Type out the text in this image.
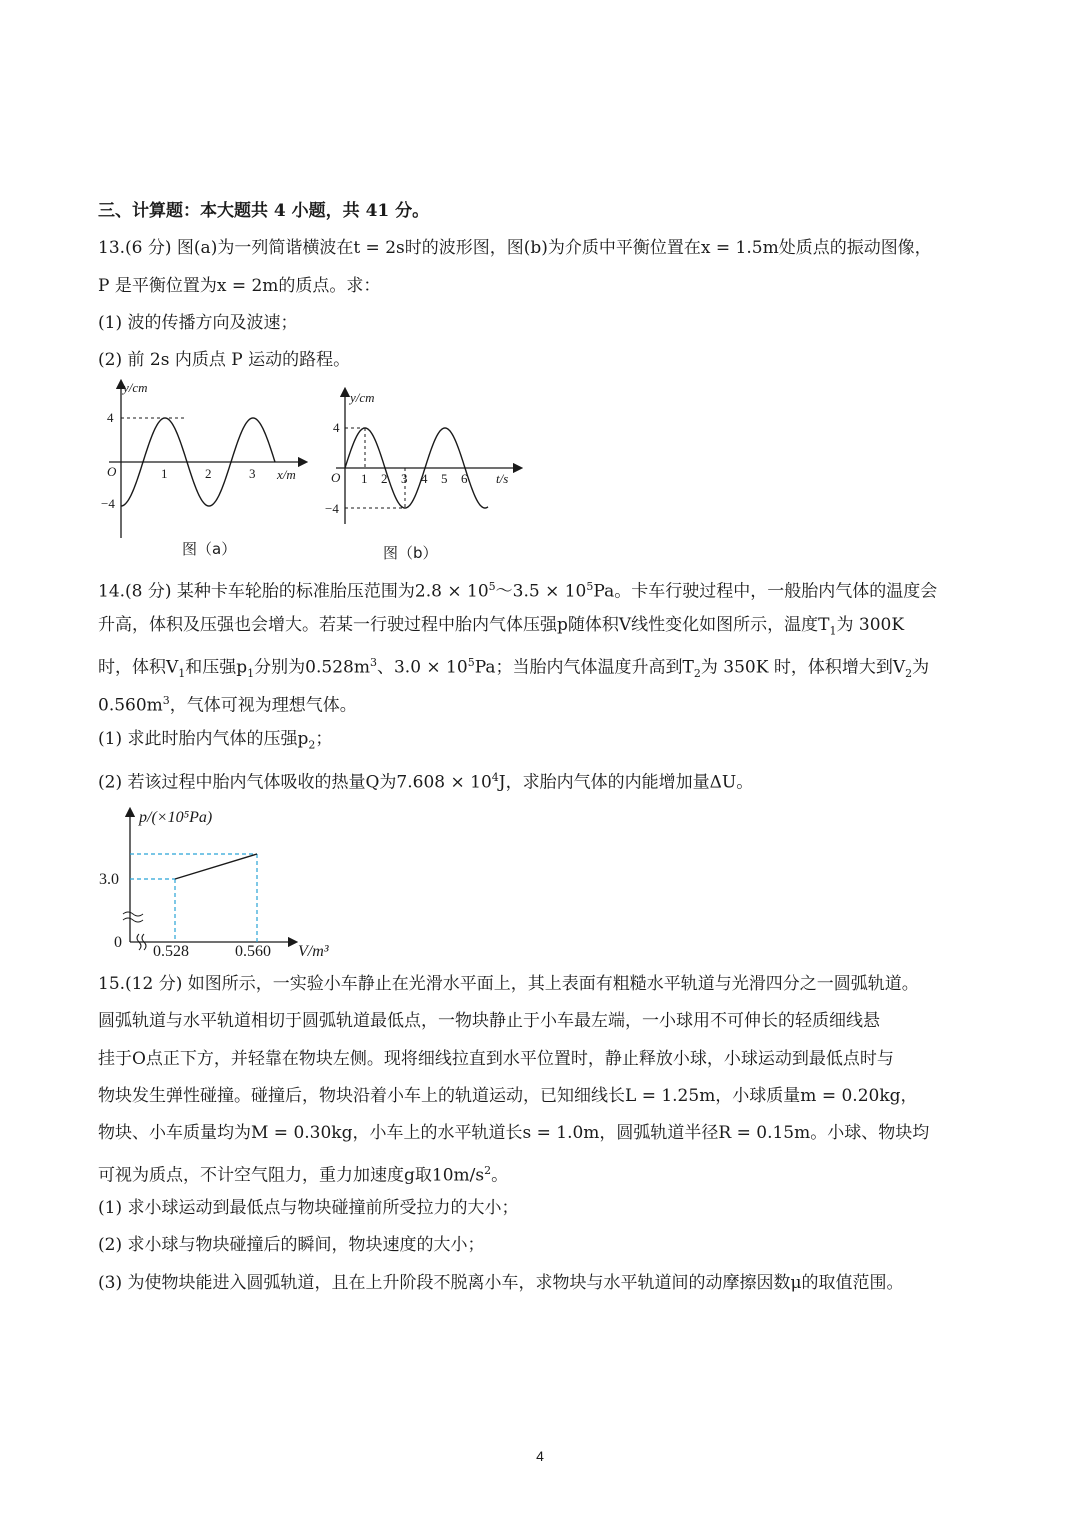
三、计算题：本大题共 4 小题，共 41 分。
13.(6 分) 图(a)为一列简谐横波在t = 2s时的波形图，图(b)为介质中平衡位置在x = 1.5m处质点的振动图像，
P 是平衡位置为x = 2m的质点。求：
(1) 波的传播方向及波速；
(2) 前 2s 内质点 P 运动的路程。
y/cm
4
−4
O	1	2	3 x/m
图（a）
y/cm
4
−4
O 1 2 3 4 5 6 t/s
图（b）
14.(8 分) 某种卡车轮胎的标准胎压范围为$2.8 \times 10^5\sim 3.5 \times 10^5Pa$。卡车行驶过程中，一般胎内气体的温度会
升高，体积及压强也会增大。若某一行驶过程中胎内气体压强p随体积V线性变化如图所示，温度$T_1$为 300K
时，体积$V_1$和压强$p_1$分别为$0.528m^3$、$3.0 \times 10^5Pa$；当胎内气体温度升高到$T_2$为 350K 时，体积增大到$V_2$为
$0.560m^3$，气体可视为理想气体。
(1) 求此时胎内气体的压强$p_2$；
(2) 若该过程中胎内气体吸收的热量Q为$7.608 \times 10^4J$，求胎内气体的内能增加量ΔU。
p/(×10⁵Pa)
3.0
0
0.528	0.560 V/m³
15.(12 分) 如图所示，一实验小车静止在光滑水平面上，其上表面有粗糙水平轨道与光滑四分之一圆弧轨道。
圆弧轨道与水平轨道相切于圆弧轨道最低点，一物块静止于小车最左端，一小球用不可伸长的轻质细线悬
挂于O点正下方，并轻靠在物块左侧。现将细线拉直到水平位置时，静止释放小球，小球运动到最低点时与
物块发生弹性碰撞。碰撞后，物块沿着小车上的轨道运动，已知细线长L = 1.25m，小球质量m = 0.20kg，
物块、小车质量均为M = 0.30kg，小车上的水平轨道长s = 1.0m，圆弧轨道半径R = 0.15m。小球、物块均
可视为质点，不计空气阻力，重力加速度g取$10m/s^2$。
(1) 求小球运动到最低点与物块碰撞前所受拉力的大小；
(2) 求小球与物块碰撞后的瞬间，物块速度的大小；
(3) 为使物块能进入圆弧轨道，且在上升阶段不脱离小车，求物块与水平轨道间的动摩擦因数μ的取值范围。
4
